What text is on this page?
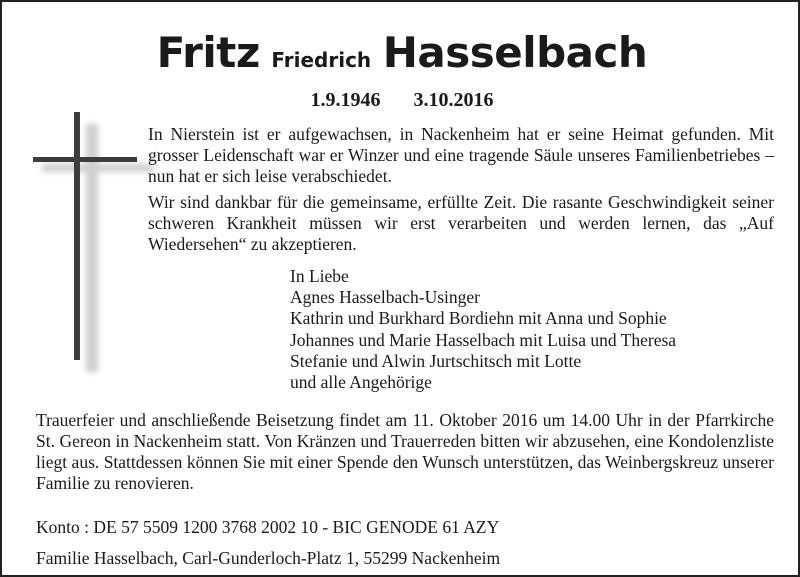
Fritz Friedrich Hasselbach
1.9.1946 3.10.2016
In Nierstein ist er aufgewachsen, in Nackenheim hat er seine Heimat gefunden. Mit grosser Leidenschaft war er Winzer und eine tragende Säule unseres Familienbetriebes – nun hat er sich leise verabschiedet.
Wir sind dankbar für die gemeinsame, erfüllte Zeit. Die rasante Geschwindigkeit seiner schweren Krankheit müssen wir erst verarbeiten und werden lernen, das „Auf Wiedersehen“ zu akzeptieren.
In Liebe
Agnes Hasselbach-Usinger
Kathrin und Burkhard Bordiehn mit Anna und Sophie
Johannes und Marie Hasselbach mit Luisa und Theresa
Stefanie und Alwin Jurtschitsch mit Lotte
und alle Angehörige
Trauerfeier und anschließende Beisetzung findet am 11. Oktober 2016 um 14.00 Uhr in der Pfarrkirche St. Gereon in Nackenheim statt. Von Kränzen und Trauerreden bitten wir abzusehen, eine Kondolenzliste liegt aus. Stattdessen können Sie mit einer Spende den Wunsch unterstützen, das Weinbergskreuz unserer Familie zu renovieren.
Konto : DE 57 5509 1200 3768 2002 10 - BIC GENODE 61 AZY
Familie Hasselbach, Carl-Gunderloch-Platz 1, 55299 Nackenheim
